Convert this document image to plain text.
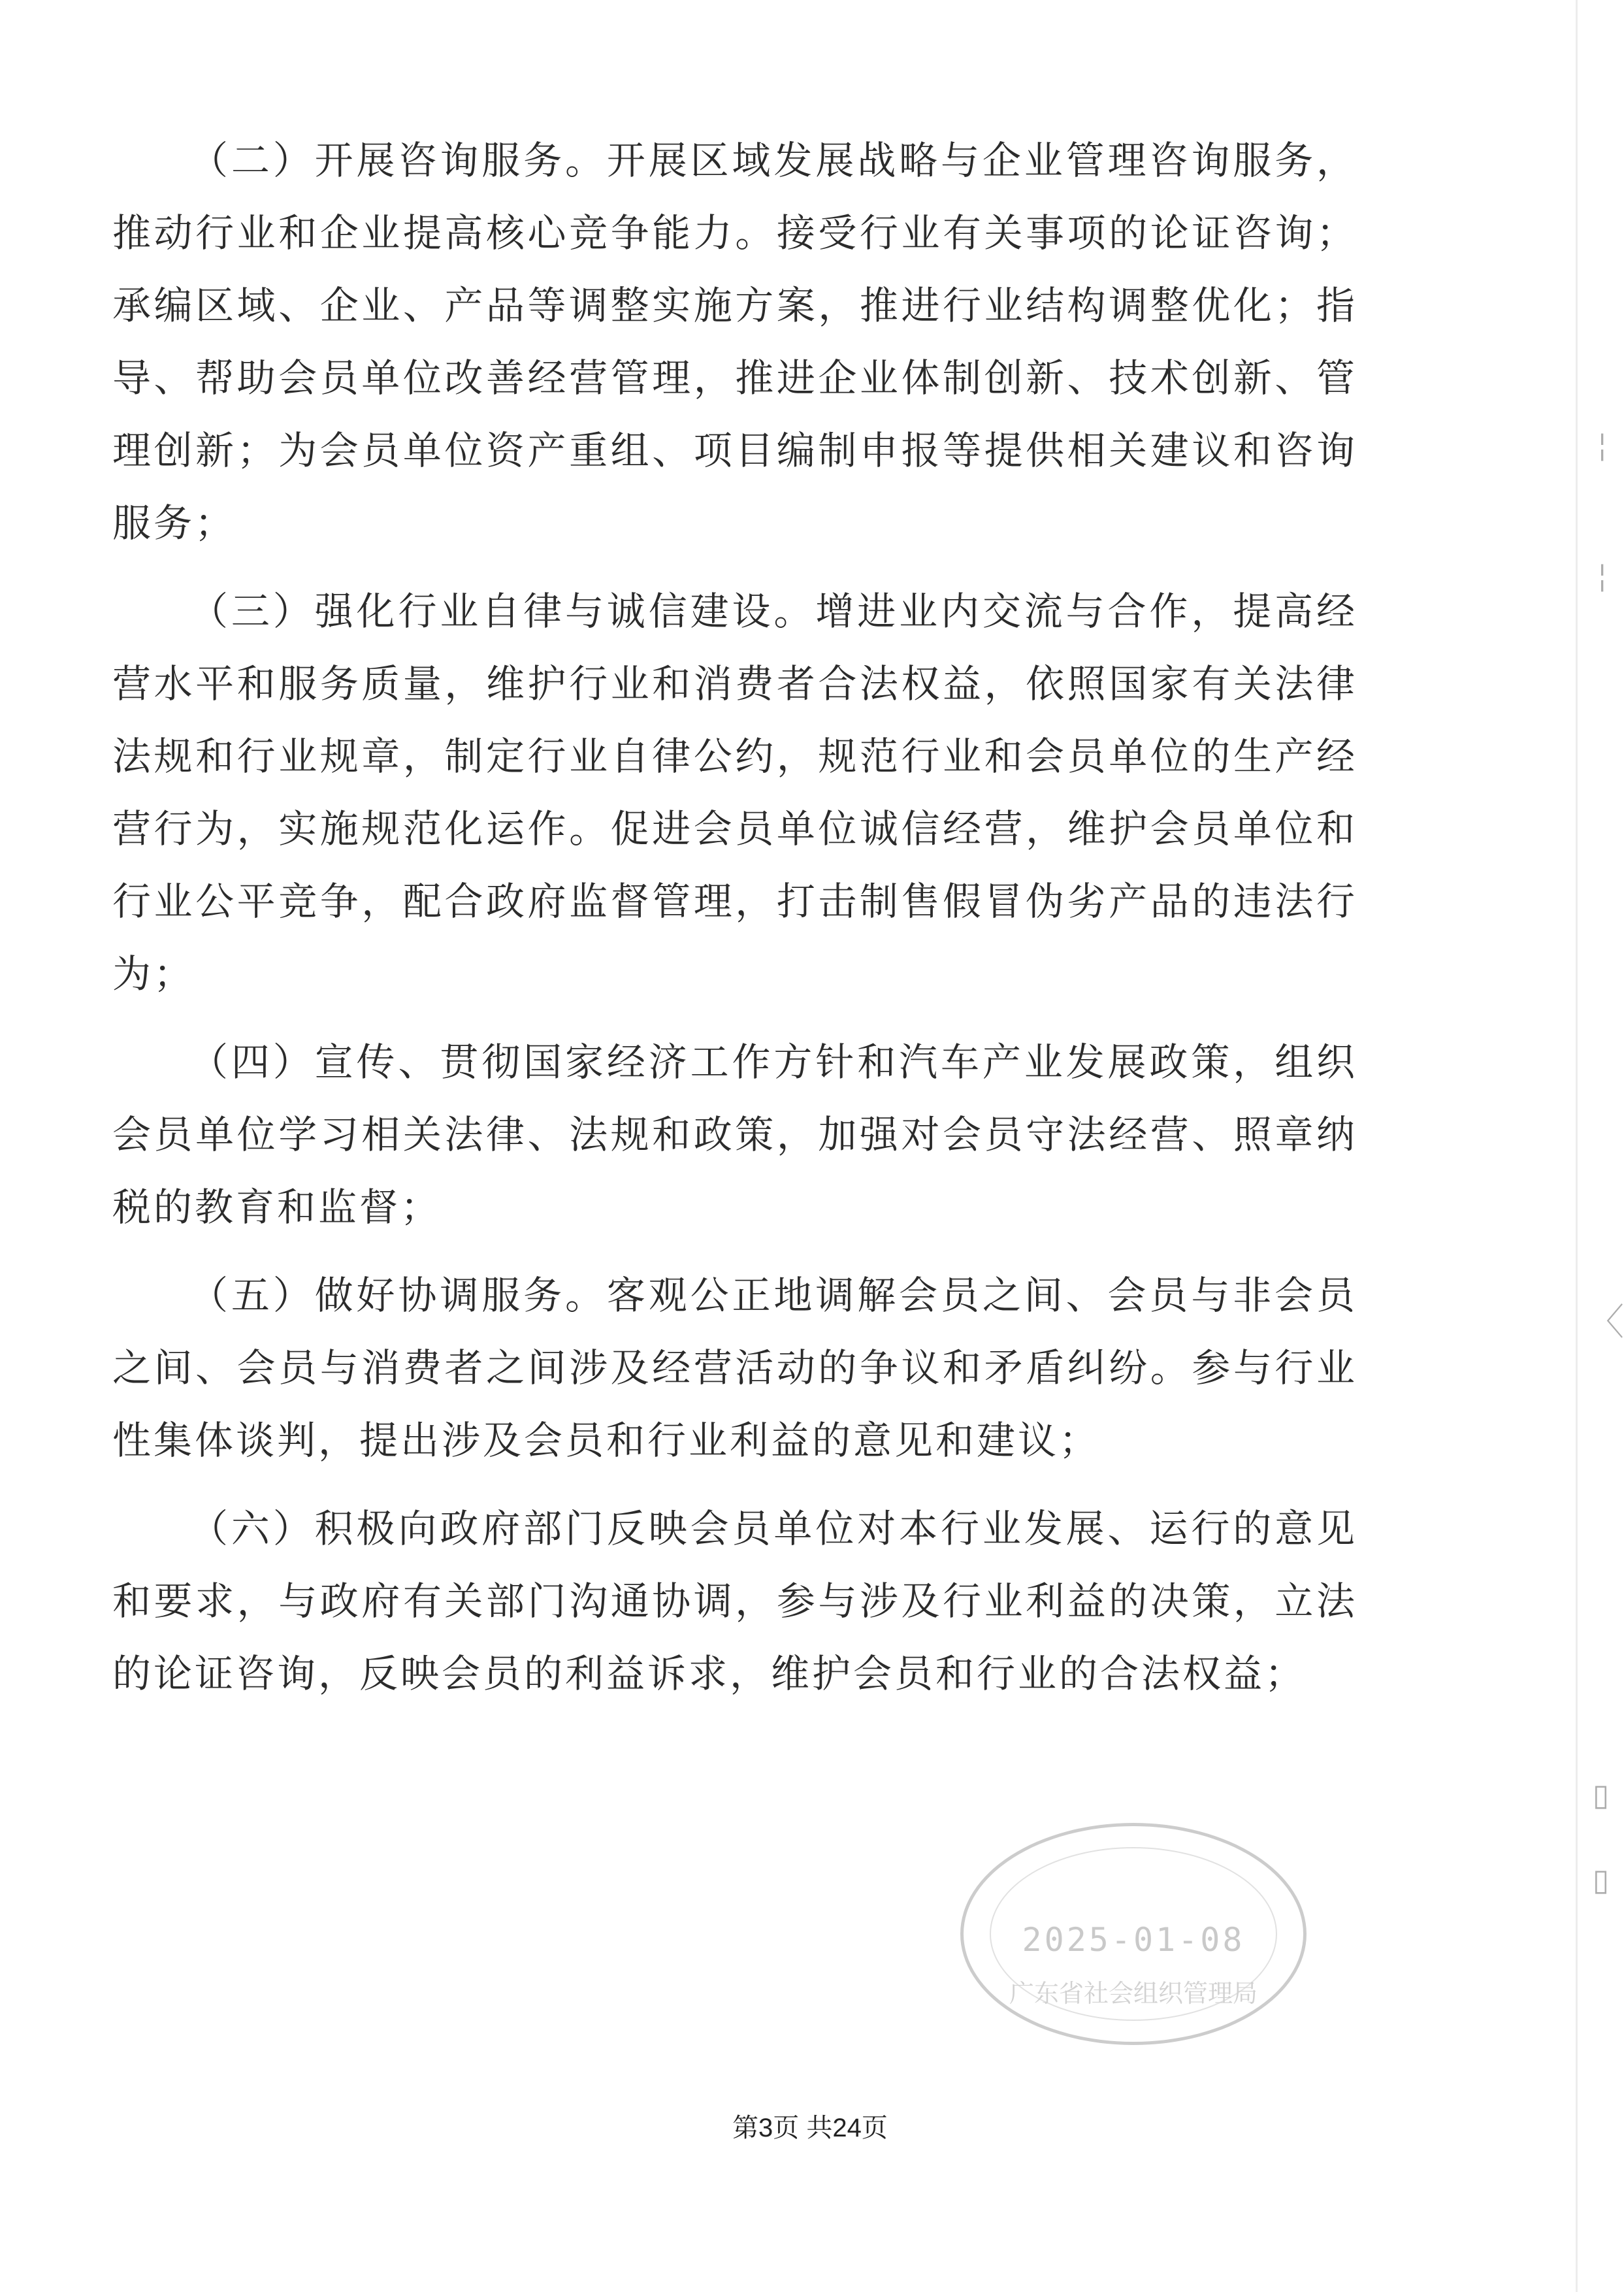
╎
╎
〈
▯
▯

（二）开展咨询服务。开展区域发展战略与企业管理咨询服务，推动行业和企业提高核心竞争能力。接受行业有关事项的论证咨询；承编区域、企业、产品等调整实施方案，推进行业结构调整优化；指导、帮助会员单位改善经营管理，推进企业体制创新、技术创新、管理创新；为会员单位资产重组、项目编制申报等提供相关建议和咨询服务；

（三）强化行业自律与诚信建设。增进业内交流与合作，提高经营水平和服务质量，维护行业和消费者合法权益，依照国家有关法律法规和行业规章，制定行业自律公约，规范行业和会员单位的生产经营行为，实施规范化运作。促进会员单位诚信经营，维护会员单位和行业公平竞争，配合政府监督管理，打击制售假冒伪劣产品的违法行为；

（四）宣传、贯彻国家经济工作方针和汽车产业发展政策，组织会员单位学习相关法律、法规和政策，加强对会员守法经营、照章纳税的教育和监督；

（五）做好协调服务。客观公正地调解会员之间、会员与非会员之间、会员与消费者之间涉及经营活动的争议和矛盾纠纷。参与行业性集体谈判，提出涉及会员和行业利益的意见和建议；

（六）积极向政府部门反映会员单位对本行业发展、运行的意见和要求，与政府有关部门沟通协调，参与涉及行业利益的决策，立法的论证咨询，反映会员的利益诉求，维护会员和行业的合法权益；

2025-01-08
广东省社会组织管理局
第3页 共24页
